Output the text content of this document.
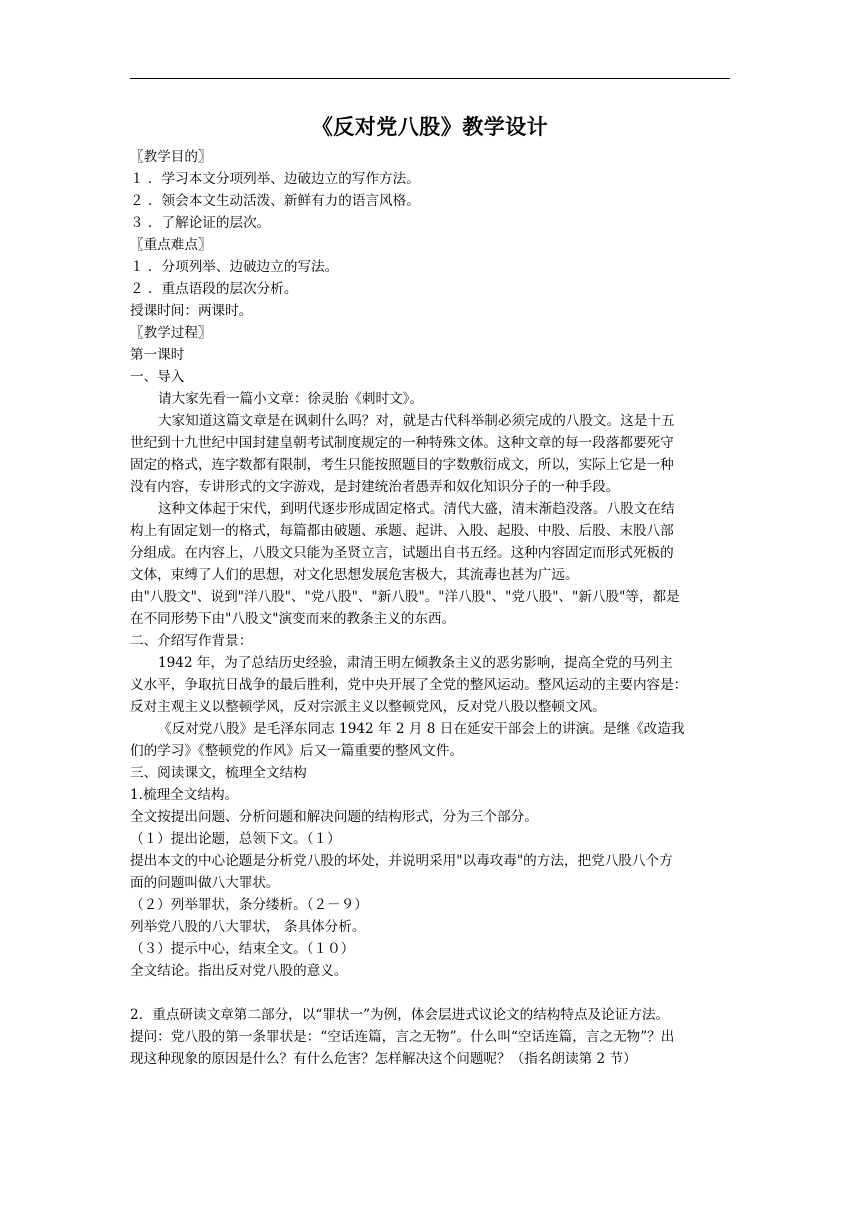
《反对党八股》教学设计

〖教学目的〗

１ ．学习本文分项列举、边破边立的写作方法。

２ ．领会本文生动活泼、新鲜有力的语言风格。

３ ．了解论证的层次。

〖重点难点〗

１ ．分项列举、边破边立的写法。

２ ．重点语段的层次分析。

授课时间：两课时。

〖教学过程〗

第一课时

一、导入

请大家先看一篇小文章：徐灵胎《刺时文》。

大家知道这篇文章是在讽刺什么吗？对，就是古代科举制必须完成的八股文。这是十五

世纪到十九世纪中国封建皇朝考试制度规定的一种特殊文体。这种文章的每一段落都要死守

固定的格式，连字数都有限制，考生只能按照题目的字数敷衍成文，所以，实际上它是一种

没有内容，专讲形式的文字游戏，是封建统治者愚弄和奴化知识分子的一种手段。

这种文体起于宋代，到明代逐步形成固定格式。清代大盛，清末渐趋没落。八股文在结

构上有固定划一的格式，每篇都由破题、承题、起讲、入股、起股、中股、后股、末股八部

分组成。在内容上，八股文只能为圣贤立言，试题出自书五经。这种内容固定而形式死板的

文体，束缚了人们的思想，对文化思想发展危害极大，其流毒也甚为广远。

由"八股文"、说到"洋八股"、"党八股"、"新八股"。"洋八股"、"党八股"、"新八股"等，都是

在不同形势下由"八股文"演变而来的教条主义的东西。

二、介绍写作背景：

1942 年，为了总结历史经验，肃清王明左倾教条主义的恶劣影响，提高全党的马列主

义水平，争取抗日战争的最后胜利，党中央开展了全党的整风运动。整风运动的主要内容是：

反对主观主义以整顿学风，反对宗派主义以整顿党风，反对党八股以整顿文风。

《反对党八股》是毛泽东同志 1942 年 2 月 8 日在延安干部会上的讲演。是继《改造我

们的学习》《整顿党的作风》后又一篇重要的整风文件。

三、阅读课文，梳理全文结构

1.梳理全文结构。

全文按提出问题、分析问题和解决问题的结构形式，分为三个部分。

（１）提出论题，总领下文。（１）

提出本文的中心论题是分析党八股的坏处，并说明采用"以毒攻毒"的方法，把党八股八个方

面的问题叫做八大罪状。

（２）列举罪状，条分缕析。（２－９）

列举党八股的八大罪状， 条具体分析。

（３）提示中心，结束全文。（１０）

全文结论。指出反对党八股的意义。

2．重点研读文章第二部分，以“罪状一”为例，体会层进式议论文的结构特点及论证方法。

提问：党八股的第一条罪状是：“空话连篇，言之无物”。什么叫“空话连篇，言之无物”？出

现这种现象的原因是什么？有什么危害？怎样解决这个问题呢？（指名朗读第 2 节）
